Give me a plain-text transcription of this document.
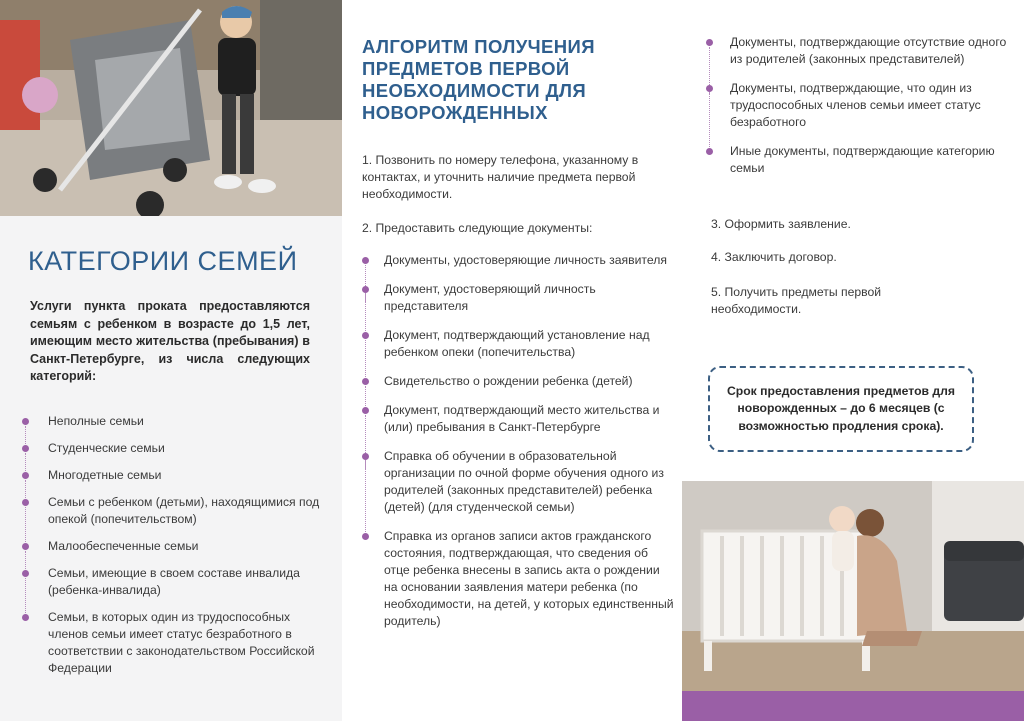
КАТЕГОРИИ СЕМЕЙ

Услуги пункта проката предоставляются семьям с ребенком в возрасте до 1,5 лет, имеющим место жительства (пребывания) в Санкт-Петербурге, из числа следующих категорий:

Неполные семьи
Студенческие семьи
Многодетные семьи
Семьи с ребенком (детьми), находящимися под опекой (попечительством)
Малообеспеченные семьи
Семьи, имеющие в своем составе инвалида (ребенка-инвалида)
Семьи, в которых один из трудоспособных членов семьи имеет статус безработного в соответствии с законодательством Российской Федерации
АЛГОРИТМ ПОЛУЧЕНИЯ ПРЕДМЕТОВ ПЕРВОЙ НЕОБХОДИМОСТИ ДЛЯ НОВОРОЖДЕННЫХ

1. Позвонить по номеру телефона, указанному в контактах, и уточнить наличие предмета первой необходимости.

2. Предоставить следующие документы:

Документы, удостоверяющие личность заявителя
Документ, удостоверяющий личность представителя
Документ, подтверждающий установление над ребенком опеки (попечительства)
Свидетельство о рождении ребенка (детей)
Документ, подтверждающий место жительства и (или) пребывания в Санкт-Петербурге
Справка об обучении в образовательной организации по очной форме обучения одного из родителей (законных представителей) ребенка (детей) (для студенческой семьи)
Справка из органов записи актов гражданского состояния, подтверждающая, что сведения об отце ребенка внесены в запись акта о рождении на основании заявления матери ребенка (по необходимости, на детей, у которых единственный родитель)
Документы, подтверждающие отсутствие одного из родителей (законных представителей)
Документы, подтверждающие, что один из трудоспособных членов семьи имеет статус безработного
Иные документы, подтверждающие категорию семьи

3. Оформить заявление.

4. Заключить договор.

5. Получить предметы первой необходимости.

Срок предоставления предметов для новорожденных – до 6 месяцев (с возможностью продления срока).
